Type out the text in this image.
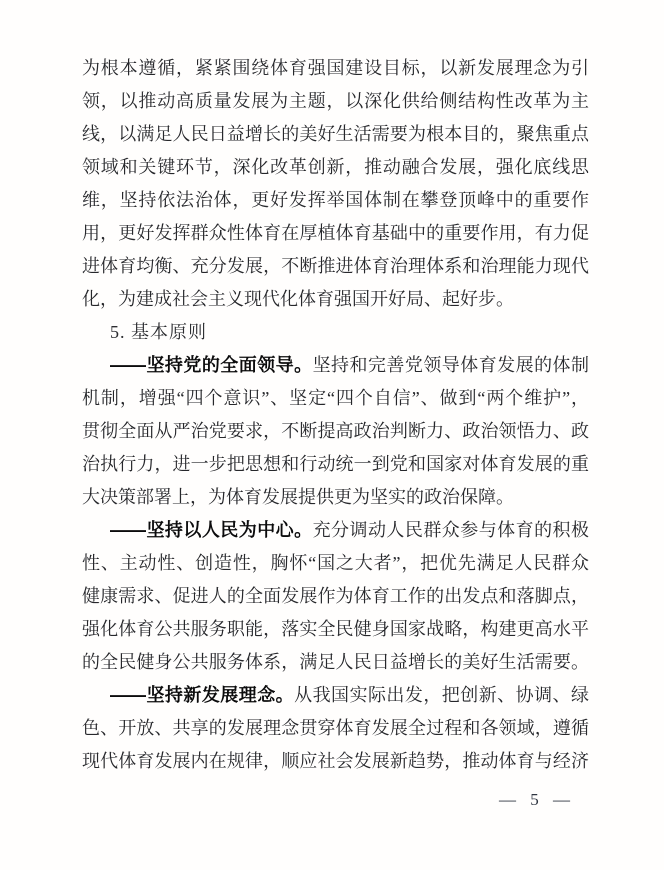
为根本遵循，紧紧围绕体育强国建设目标，以新发展理念为引
领，以推动高质量发展为主题，以深化供给侧结构性改革为主
线，以满足人民日益增长的美好生活需要为根本目的，聚焦重点
领域和关键环节，深化改革创新，推动融合发展，强化底线思
维，坚持依法治体，更好发挥举国体制在攀登顶峰中的重要作
用，更好发挥群众性体育在厚植体育基础中的重要作用，有力促
进体育均衡、充分发展，不断推进体育治理体系和治理能力现代
化，为建成社会主义现代化体育强国开好局、起好步。
5. 基本原则
——坚持党的全面领导。坚持和完善党领导体育发展的体制
机制，增强“四个意识”、坚定“四个自信”、做到“两个维护”，
贯彻全面从严治党要求，不断提高政治判断力、政治领悟力、政
治执行力，进一步把思想和行动统一到党和国家对体育发展的重
大决策部署上，为体育发展提供更为坚实的政治保障。
——坚持以人民为中心。充分调动人民群众参与体育的积极
性、主动性、创造性，胸怀“国之大者”，把优先满足人民群众
健康需求、促进人的全面发展作为体育工作的出发点和落脚点，
强化体育公共服务职能，落实全民健身国家战略，构建更高水平
的全民健身公共服务体系，满足人民日益增长的美好生活需要。
——坚持新发展理念。从我国实际出发，把创新、协调、绿
色、开放、共享的发展理念贯穿体育发展全过程和各领域，遵循
现代体育发展内在规律，顺应社会发展新趋势，推动体育与经济
— 5 —
